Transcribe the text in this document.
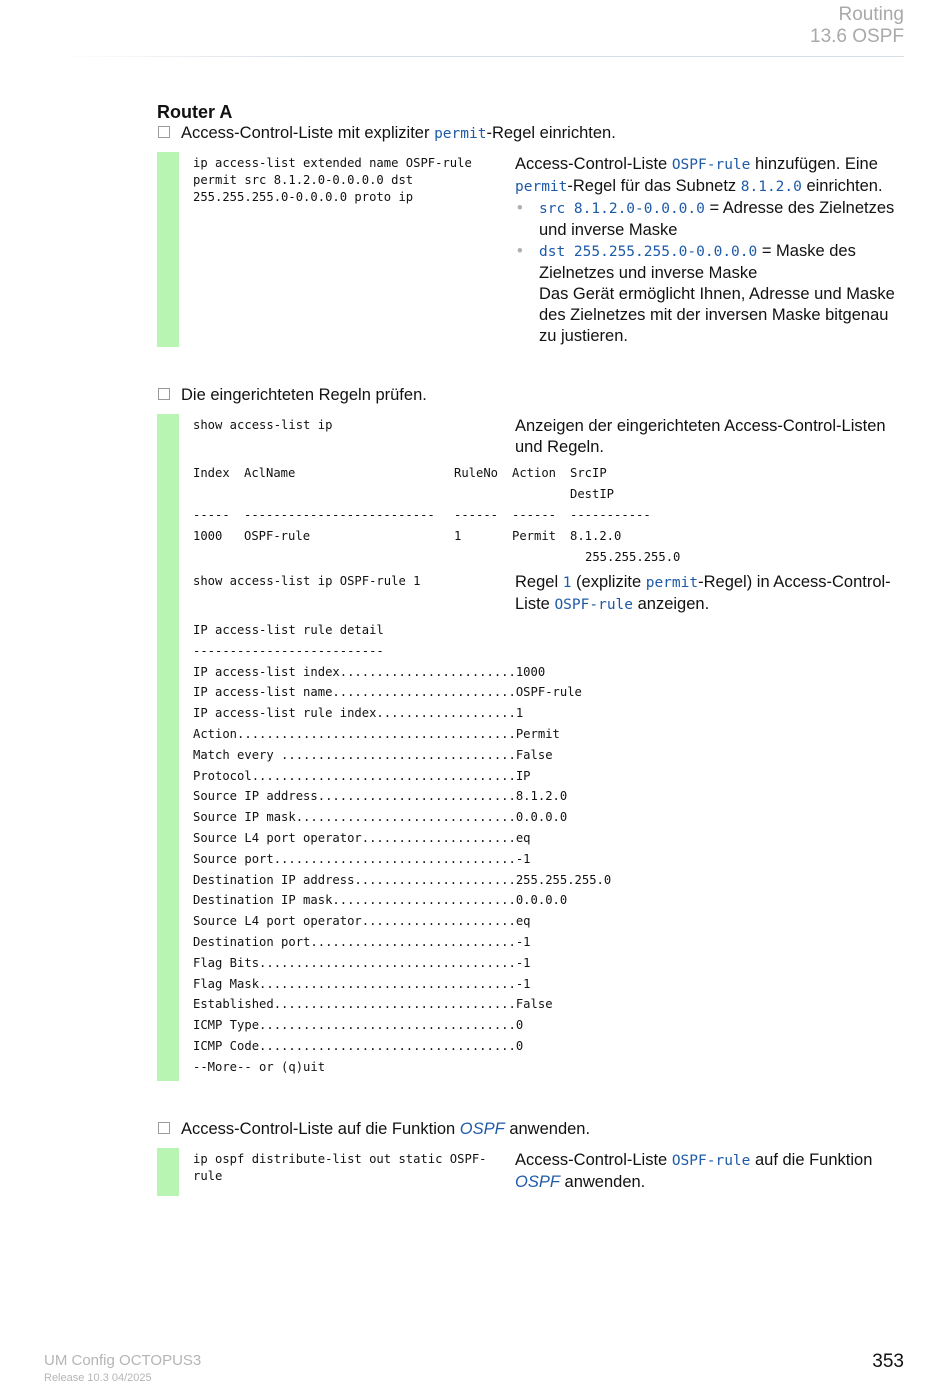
Routing
13.6 OSPF
Router A
Access-Control-Liste mit expliziter permit-Regel einrichten.
ip access-list extended name OSPF-rule
permit src 8.1.2.0-0.0.0.0 dst
255.255.255.0-0.0.0.0 proto ip
Access-Control-Liste OSPF-rule hinzufügen. Eine permit-Regel für das Subnetz 8.1.2.0 einrichten.
• src 8.1.2.0-0.0.0.0 = Adresse des Zielnetzes und inverse Maske
• dst 255.255.255.0-0.0.0.0 = Maske des Zielnetzes und inverse Maske
Das Gerät ermöglicht Ihnen, Adresse und Maske des Zielnetzes mit der inversen Maske bitgenau zu justieren.
Die eingerichteten Regeln prüfen.
show access-list ip	Anzeigen der eingerichteten Access-Control-Listen und Regeln.
Index AclName	RuleNo Action SrcIP
DestIP
----- -------------------------- ------ ------ -----------
1000 OSPF-rule	1	Permit 8.1.2.0
255.255.255.0
show access-list ip OSPF-rule 1	Regel 1 (explizite permit-Regel) in Access-Control-Liste OSPF-rule anzeigen.
IP access-list rule detail
--------------------------
IP access-list index........................1000
IP access-list name.........................OSPF-rule
IP access-list rule index...................1
Action......................................Permit
Match every ................................False
Protocol....................................IP
Source IP address...........................8.1.2.0
Source IP mask..............................0.0.0.0
Source L4 port operator.....................eq
Source port.................................-1
Destination IP address......................255.255.255.0
Destination IP mask.........................0.0.0.0
Source L4 port operator.....................eq
Destination port............................-1
Flag Bits...................................-1
Flag Mask...................................-1
Established.................................False
ICMP Type...................................0
ICMP Code...................................0
--More-- or (q)uit
Access-Control-Liste auf die Funktion OSPF anwenden.
ip ospf distribute-list out static OSPF-
rule
Access-Control-Liste OSPF-rule auf die Funktion OSPF anwenden.
UM Config OCTOPUS3
Release 10.3 04/2025
353
